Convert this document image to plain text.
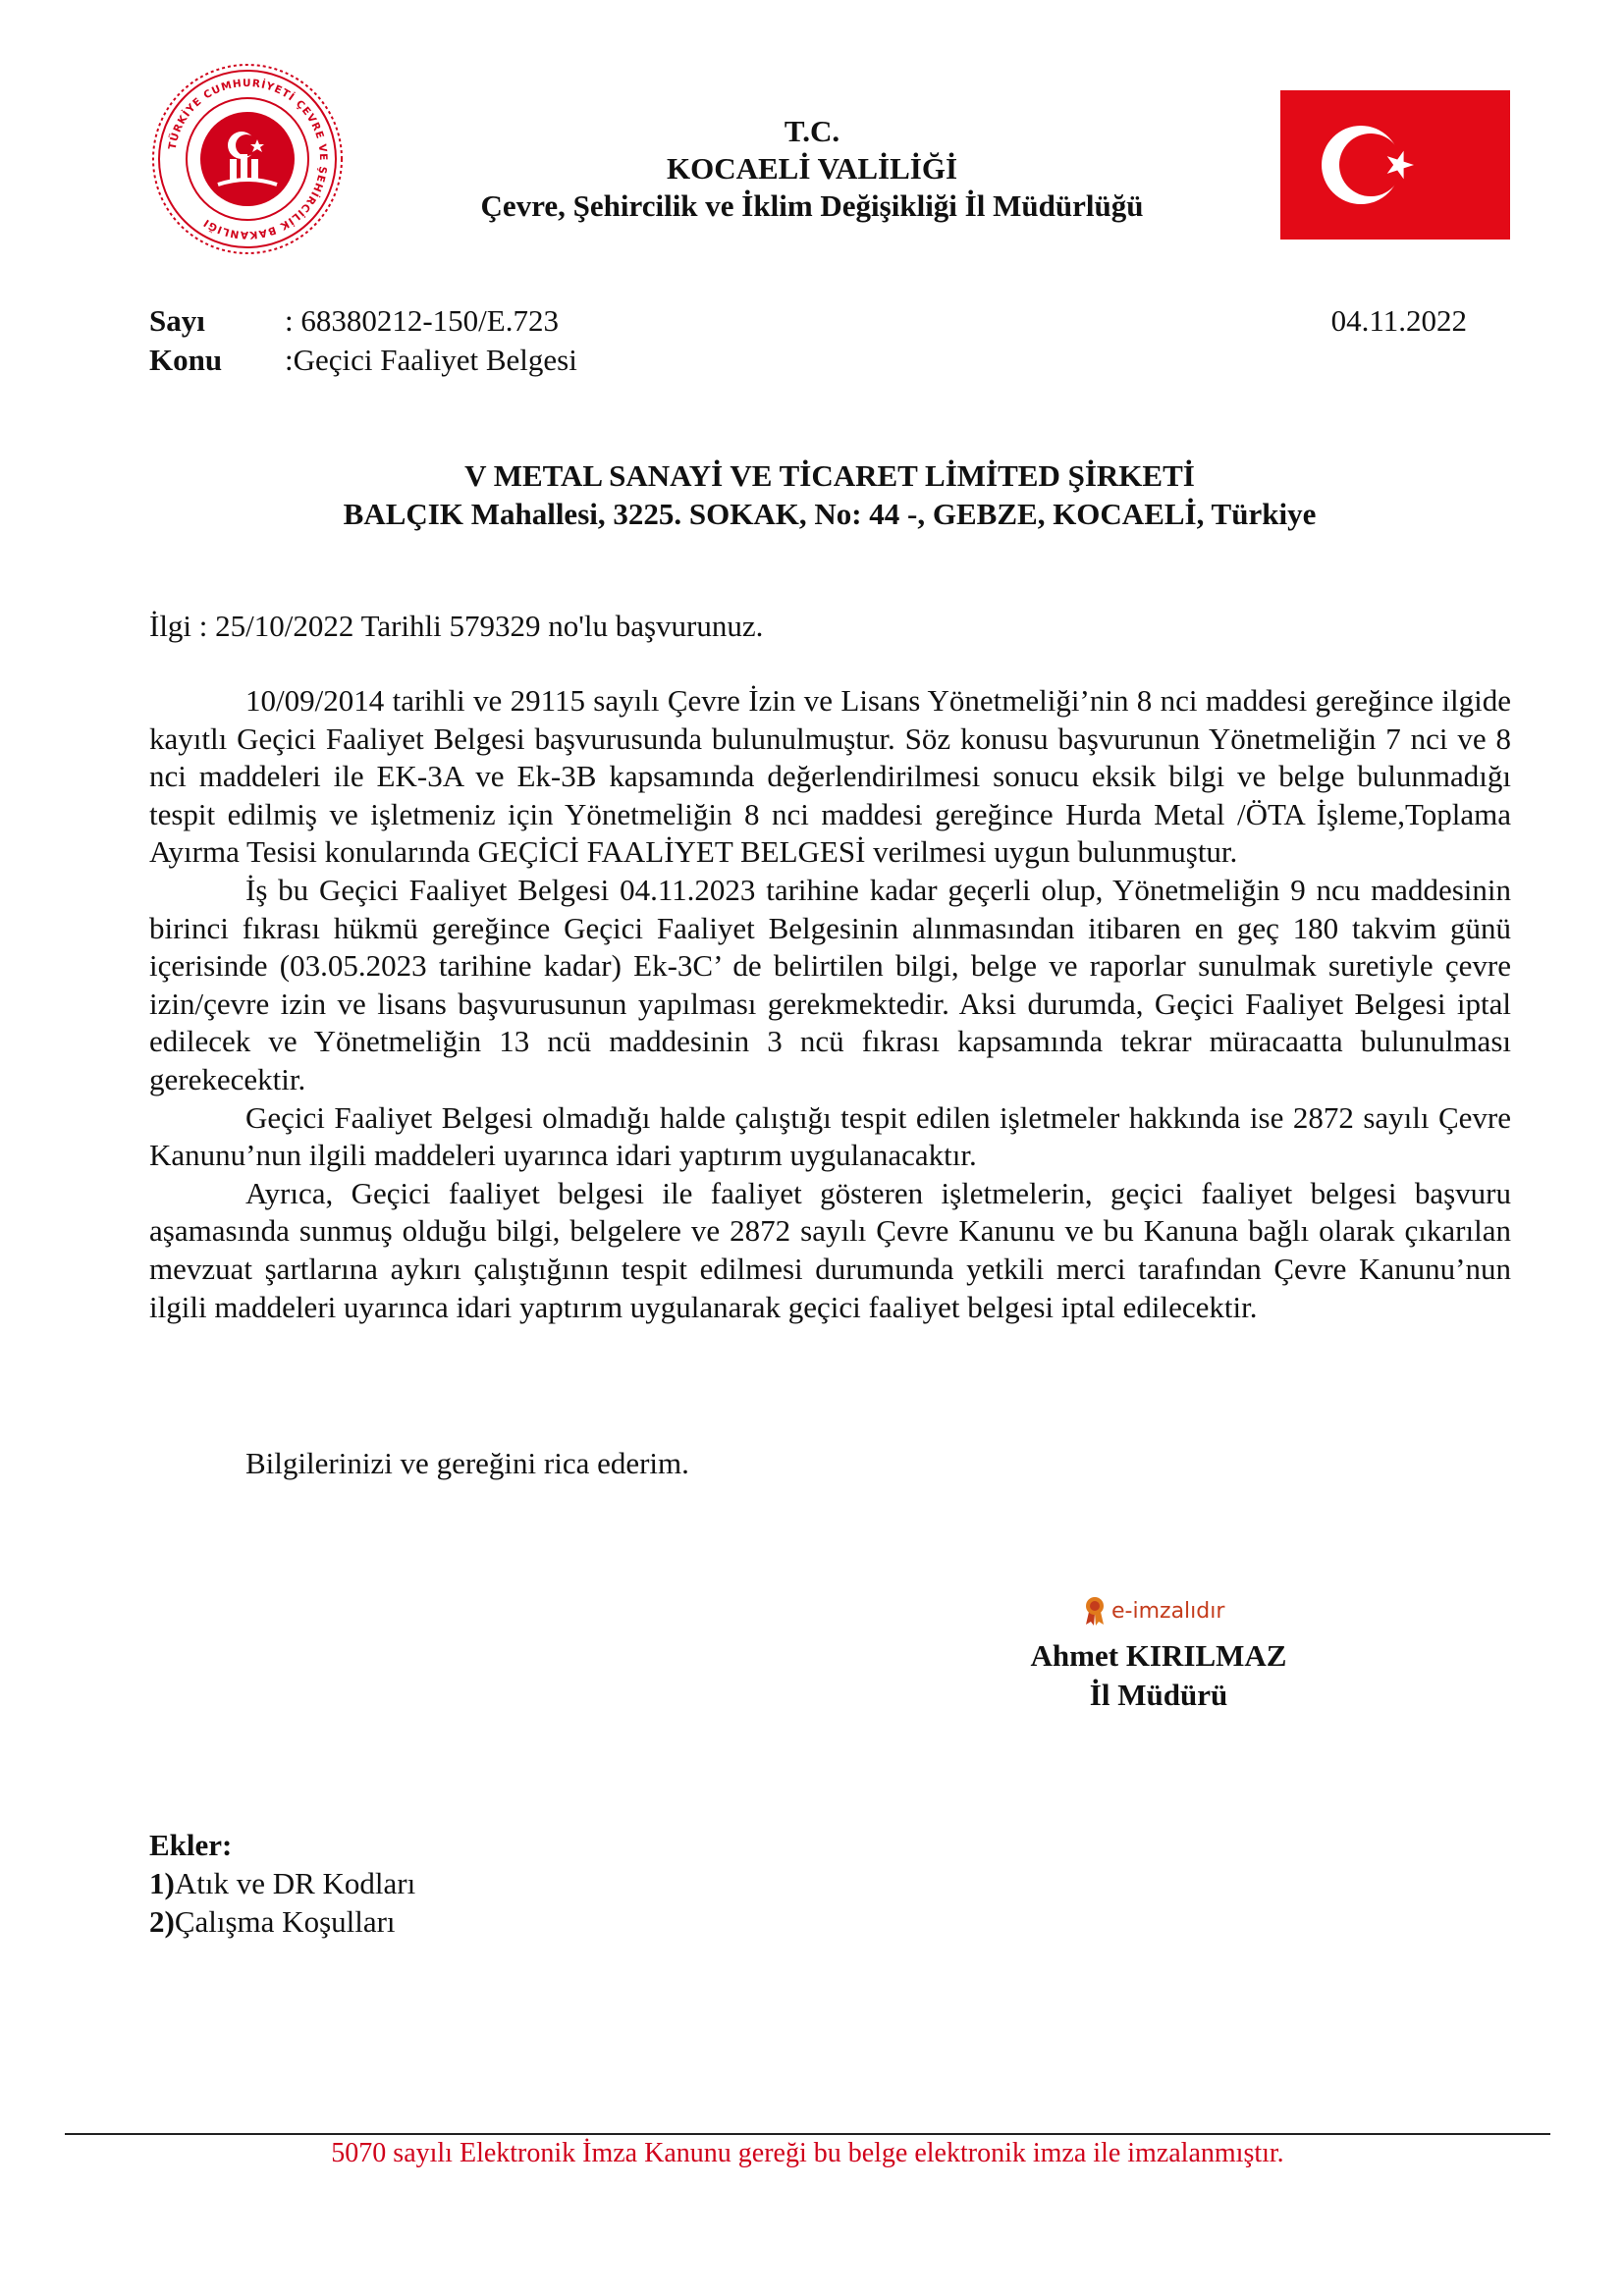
TÜRKİYE CUMHURİYETİ ÇEVRE VE ŞEHİRCİLİK BAKANLIĞI
T.C.
KOCAELİ VALİLİĞİ
Çevre, Şehircilik ve İklim Değişikliği İl Müdürlüğü
Sayı	: 68380212-150/E.723	04.11.2022
Konu :Geçici Faaliyet Belgesi
V METAL SANAYİ VE TİCARET LİMİTED ŞİRKETİ
BALÇIK Mahallesi, 3225. SOKAK, No: 44 -, GEBZE, KOCAELİ, Türkiye
İlgi : 25/10/2022 Tarihli 579329 no'lu başvurunuz.

10/09/2014 tarihli ve 29115 sayılı Çevre İzin ve Lisans Yönetmeliği’nin 8 nci maddesi gereğince ilgide kayıtlı Geçici Faaliyet Belgesi başvurusunda bulunulmuştur. Söz konusu başvurunun Yönetmeliğin 7 nci ve 8 nci maddeleri ile EK-3A ve Ek-3B kapsamında değerlendirilmesi sonucu eksik bilgi ve belge bulunmadığı tespit edilmiş ve işletmeniz için Yönetmeliğin 8 nci maddesi gereğince Hurda Metal /ÖTA İşleme,Toplama Ayırma Tesisi konularında GEÇİCİ FAALİYET BELGESİ verilmesi uygun bulunmuştur.

İş bu Geçici Faaliyet Belgesi 04.11.2023 tarihine kadar geçerli olup, Yönetmeliğin 9 ncu maddesinin birinci fıkrası hükmü gereğince Geçici Faaliyet Belgesinin alınmasından itibaren en geç 180 takvim günü içerisinde (03.05.2023 tarihine kadar) Ek-3C’ de belirtilen bilgi, belge ve raporlar sunulmak suretiyle çevre izin/çevre izin ve lisans başvurusunun yapılması gerekmektedir. Aksi durumda, Geçici Faaliyet Belgesi iptal edilecek ve Yönetmeliğin 13 ncü maddesinin 3 ncü fıkrası kapsamında tekrar müracaatta bulunulması gerekecektir.

Geçici Faaliyet Belgesi olmadığı halde çalıştığı tespit edilen işletmeler hakkında ise 2872 sayılı Çevre Kanunu’nun ilgili maddeleri uyarınca idari yaptırım uygulanacaktır.

Ayrıca, Geçici faaliyet belgesi ile faaliyet gösteren işletmelerin, geçici faaliyet belgesi başvuru aşamasında sunmuş olduğu bilgi, belgelere ve 2872 sayılı Çevre Kanunu ve bu Kanuna bağlı olarak çıkarılan mevzuat şartlarına aykırı çalıştığının tespit edilmesi durumunda yetkili merci tarafından Çevre Kanunu’nun ilgili maddeleri uyarınca idari yaptırım uygulanarak geçici faaliyet belgesi iptal edilecektir.

Bilgilerinizi ve gereğini rica ederim.
e-imzalıdır
Ahmet KIRILMAZ
İl Müdürü
Ekler:
1)Atık ve DR Kodları
2)Çalışma Koşulları
5070 sayılı Elektronik İmza Kanunu gereği bu belge elektronik imza ile imzalanmıştır.
